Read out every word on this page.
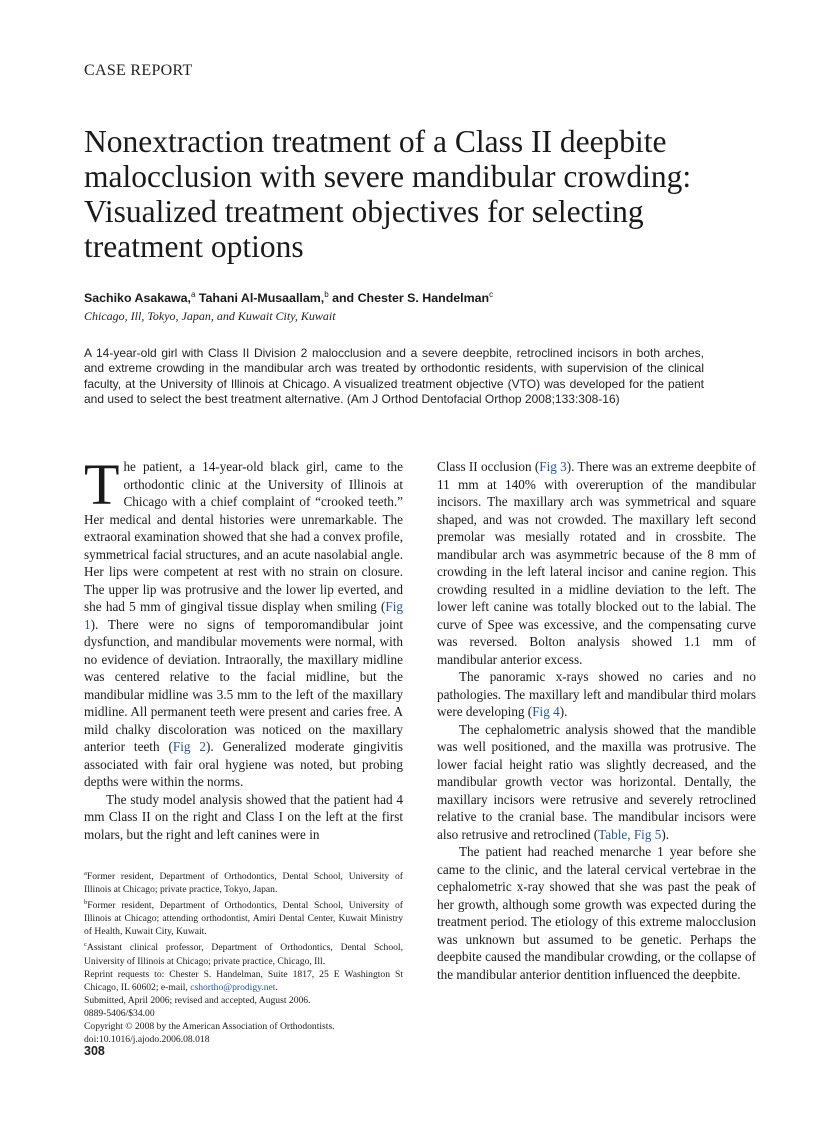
CASE REPORT
Nonextraction treatment of a Class II deepbite
malocclusion with severe mandibular crowding:
Visualized treatment objectives for selecting
treatment options
Sachiko Asakawa,$^a$ Tahani Al-Musaallam,$^b$ and Chester S. Handelman$^c$
Chicago, Ill, Tokyo, Japan, and Kuwait City, Kuwait
A 14-year-old girl with Class II Division 2 malocclusion and a severe deepbite, retroclined incisors in both arches, and extreme crowding in the mandibular arch was treated by orthodontic residents, with supervision of the clinical faculty, at the University of Illinois at Chicago. A visualized treatment objective (VTO) was developed for the patient and used to select the best treatment alternative. (Am J Orthod Dentofacial Orthop 2008;133:308-16)

The patient, a 14-year-old black girl, came to the orthodontic clinic at the University of Illinois at Chicago with a chief complaint of “crooked teeth.” Her medical and dental histories were unremarkable. The extraoral examination showed that she had a convex profile, symmetrical facial structures, and an acute nasolabial angle. Her lips were competent at rest with no strain on closure. The upper lip was protrusive and the lower lip everted, and she had 5 mm of gingival tissue display when smiling (Fig 1). There were no signs of temporomandibular joint dysfunction, and mandibular movements were normal, with no evidence of deviation. Intraorally, the maxillary midline was centered relative to the facial midline, but the mandibular midline was 3.5 mm to the left of the maxillary midline. All permanent teeth were present and caries free. A mild chalky discoloration was noticed on the maxillary anterior teeth (Fig 2). Generalized moderate gingivitis associated with fair oral hygiene was noted, but probing depths were within the norms.

The study model analysis showed that the patient had 4 mm Class II on the right and Class I on the left at the first molars, but the right and left canines were in

Class II occlusion (Fig 3). There was an extreme deepbite of 11 mm at 140% with overeruption of the mandibular incisors. The maxillary arch was symmetrical and square shaped, and was not crowded. The maxillary left second premolar was mesially rotated and in crossbite. The mandibular arch was asymmetric because of the 8 mm of crowding in the left lateral incisor and canine region. This crowding resulted in a midline deviation to the left. The lower left canine was totally blocked out to the labial. The curve of Spee was excessive, and the compensating curve was reversed. Bolton analysis showed 1.1 mm of mandibular anterior excess.

The panoramic x-rays showed no caries and no pathologies. The maxillary left and mandibular third molars were developing (Fig 4).

The cephalometric analysis showed that the mandible was well positioned, and the maxilla was protrusive. The lower facial height ratio was slightly decreased, and the mandibular growth vector was horizontal. Dentally, the maxillary incisors were retrusive and severely retroclined relative to the cranial base. The mandibular incisors were also retrusive and retroclined (Table, Fig 5).

The patient had reached menarche 1 year before she came to the clinic, and the lateral cervical vertebrae in the cephalometric x-ray showed that she was past the peak of her growth, although some growth was expected during the treatment period. The etiology of this extreme malocclusion was unknown but assumed to be genetic. Perhaps the deepbite caused the mandibular crowding, or the collapse of the mandibular anterior dentition influenced the deepbite.

$^a$Former resident, Department of Orthodontics, Dental School, University of Illinois at Chicago; private practice, Tokyo, Japan.

$^b$Former resident, Department of Orthodontics, Dental School, University of Illinois at Chicago; attending orthodontist, Amiri Dental Center, Kuwait Ministry of Health, Kuwait City, Kuwait.

$^c$Assistant clinical professor, Department of Orthodontics, Dental School, University of Illinois at Chicago; private practice, Chicago, Ill.

Reprint requests to: Chester S. Handelman, Suite 1817, 25 E Washington St Chicago, IL 60602; e-mail, cshortho@prodigy.net.

Submitted, April 2006; revised and accepted, August 2006.

0889-5406/$34.00

Copyright © 2008 by the American Association of Orthodontists.

doi:10.1016/j.ajodo.2006.08.018

308
